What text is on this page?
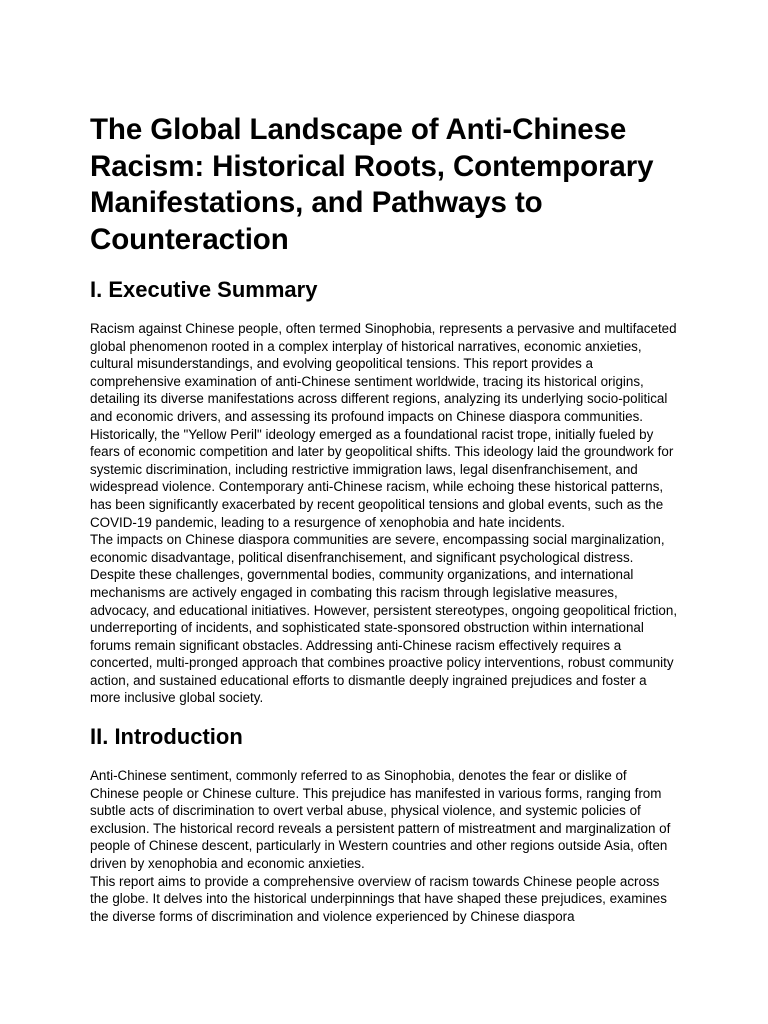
The Global Landscape of Anti-Chinese Racism: Historical Roots, Contemporary Manifestations, and Pathways to Counteraction
I. Executive Summary

Racism against Chinese people, often termed Sinophobia, represents a pervasive and multifaceted global phenomenon rooted in a complex interplay of historical narratives, economic anxieties, cultural misunderstandings, and evolving geopolitical tensions. This report provides a comprehensive examination of anti-Chinese sentiment worldwide, tracing its historical origins, detailing its diverse manifestations across different regions, analyzing its underlying socio-political and economic drivers, and assessing its profound impacts on Chinese diaspora communities.

Historically, the "Yellow Peril" ideology emerged as a foundational racist trope, initially fueled by fears of economic competition and later by geopolitical shifts. This ideology laid the groundwork for systemic discrimination, including restrictive immigration laws, legal disenfranchisement, and widespread violence. Contemporary anti-Chinese racism, while echoing these historical patterns, has been significantly exacerbated by recent geopolitical tensions and global events, such as the COVID-19 pandemic, leading to a resurgence of xenophobia and hate incidents.

The impacts on Chinese diaspora communities are severe, encompassing social marginalization, economic disadvantage, political disenfranchisement, and significant psychological distress. Despite these challenges, governmental bodies, community organizations, and international mechanisms are actively engaged in combating this racism through legislative measures, advocacy, and educational initiatives. However, persistent stereotypes, ongoing geopolitical friction, underreporting of incidents, and sophisticated state-sponsored obstruction within international forums remain significant obstacles. Addressing anti-Chinese racism effectively requires a concerted, multi-pronged approach that combines proactive policy interventions, robust community action, and sustained educational efforts to dismantle deeply ingrained prejudices and foster a more inclusive global society.

II. Introduction

Anti-Chinese sentiment, commonly referred to as Sinophobia, denotes the fear or dislike of Chinese people or Chinese culture. This prejudice has manifested in various forms, ranging from subtle acts of discrimination to overt verbal abuse, physical violence, and systemic policies of exclusion. The historical record reveals a persistent pattern of mistreatment and marginalization of people of Chinese descent, particularly in Western countries and other regions outside Asia, often driven by xenophobia and economic anxieties.

This report aims to provide a comprehensive overview of racism towards Chinese people across the globe. It delves into the historical underpinnings that have shaped these prejudices, examines the diverse forms of discrimination and violence experienced by Chinese diaspora
